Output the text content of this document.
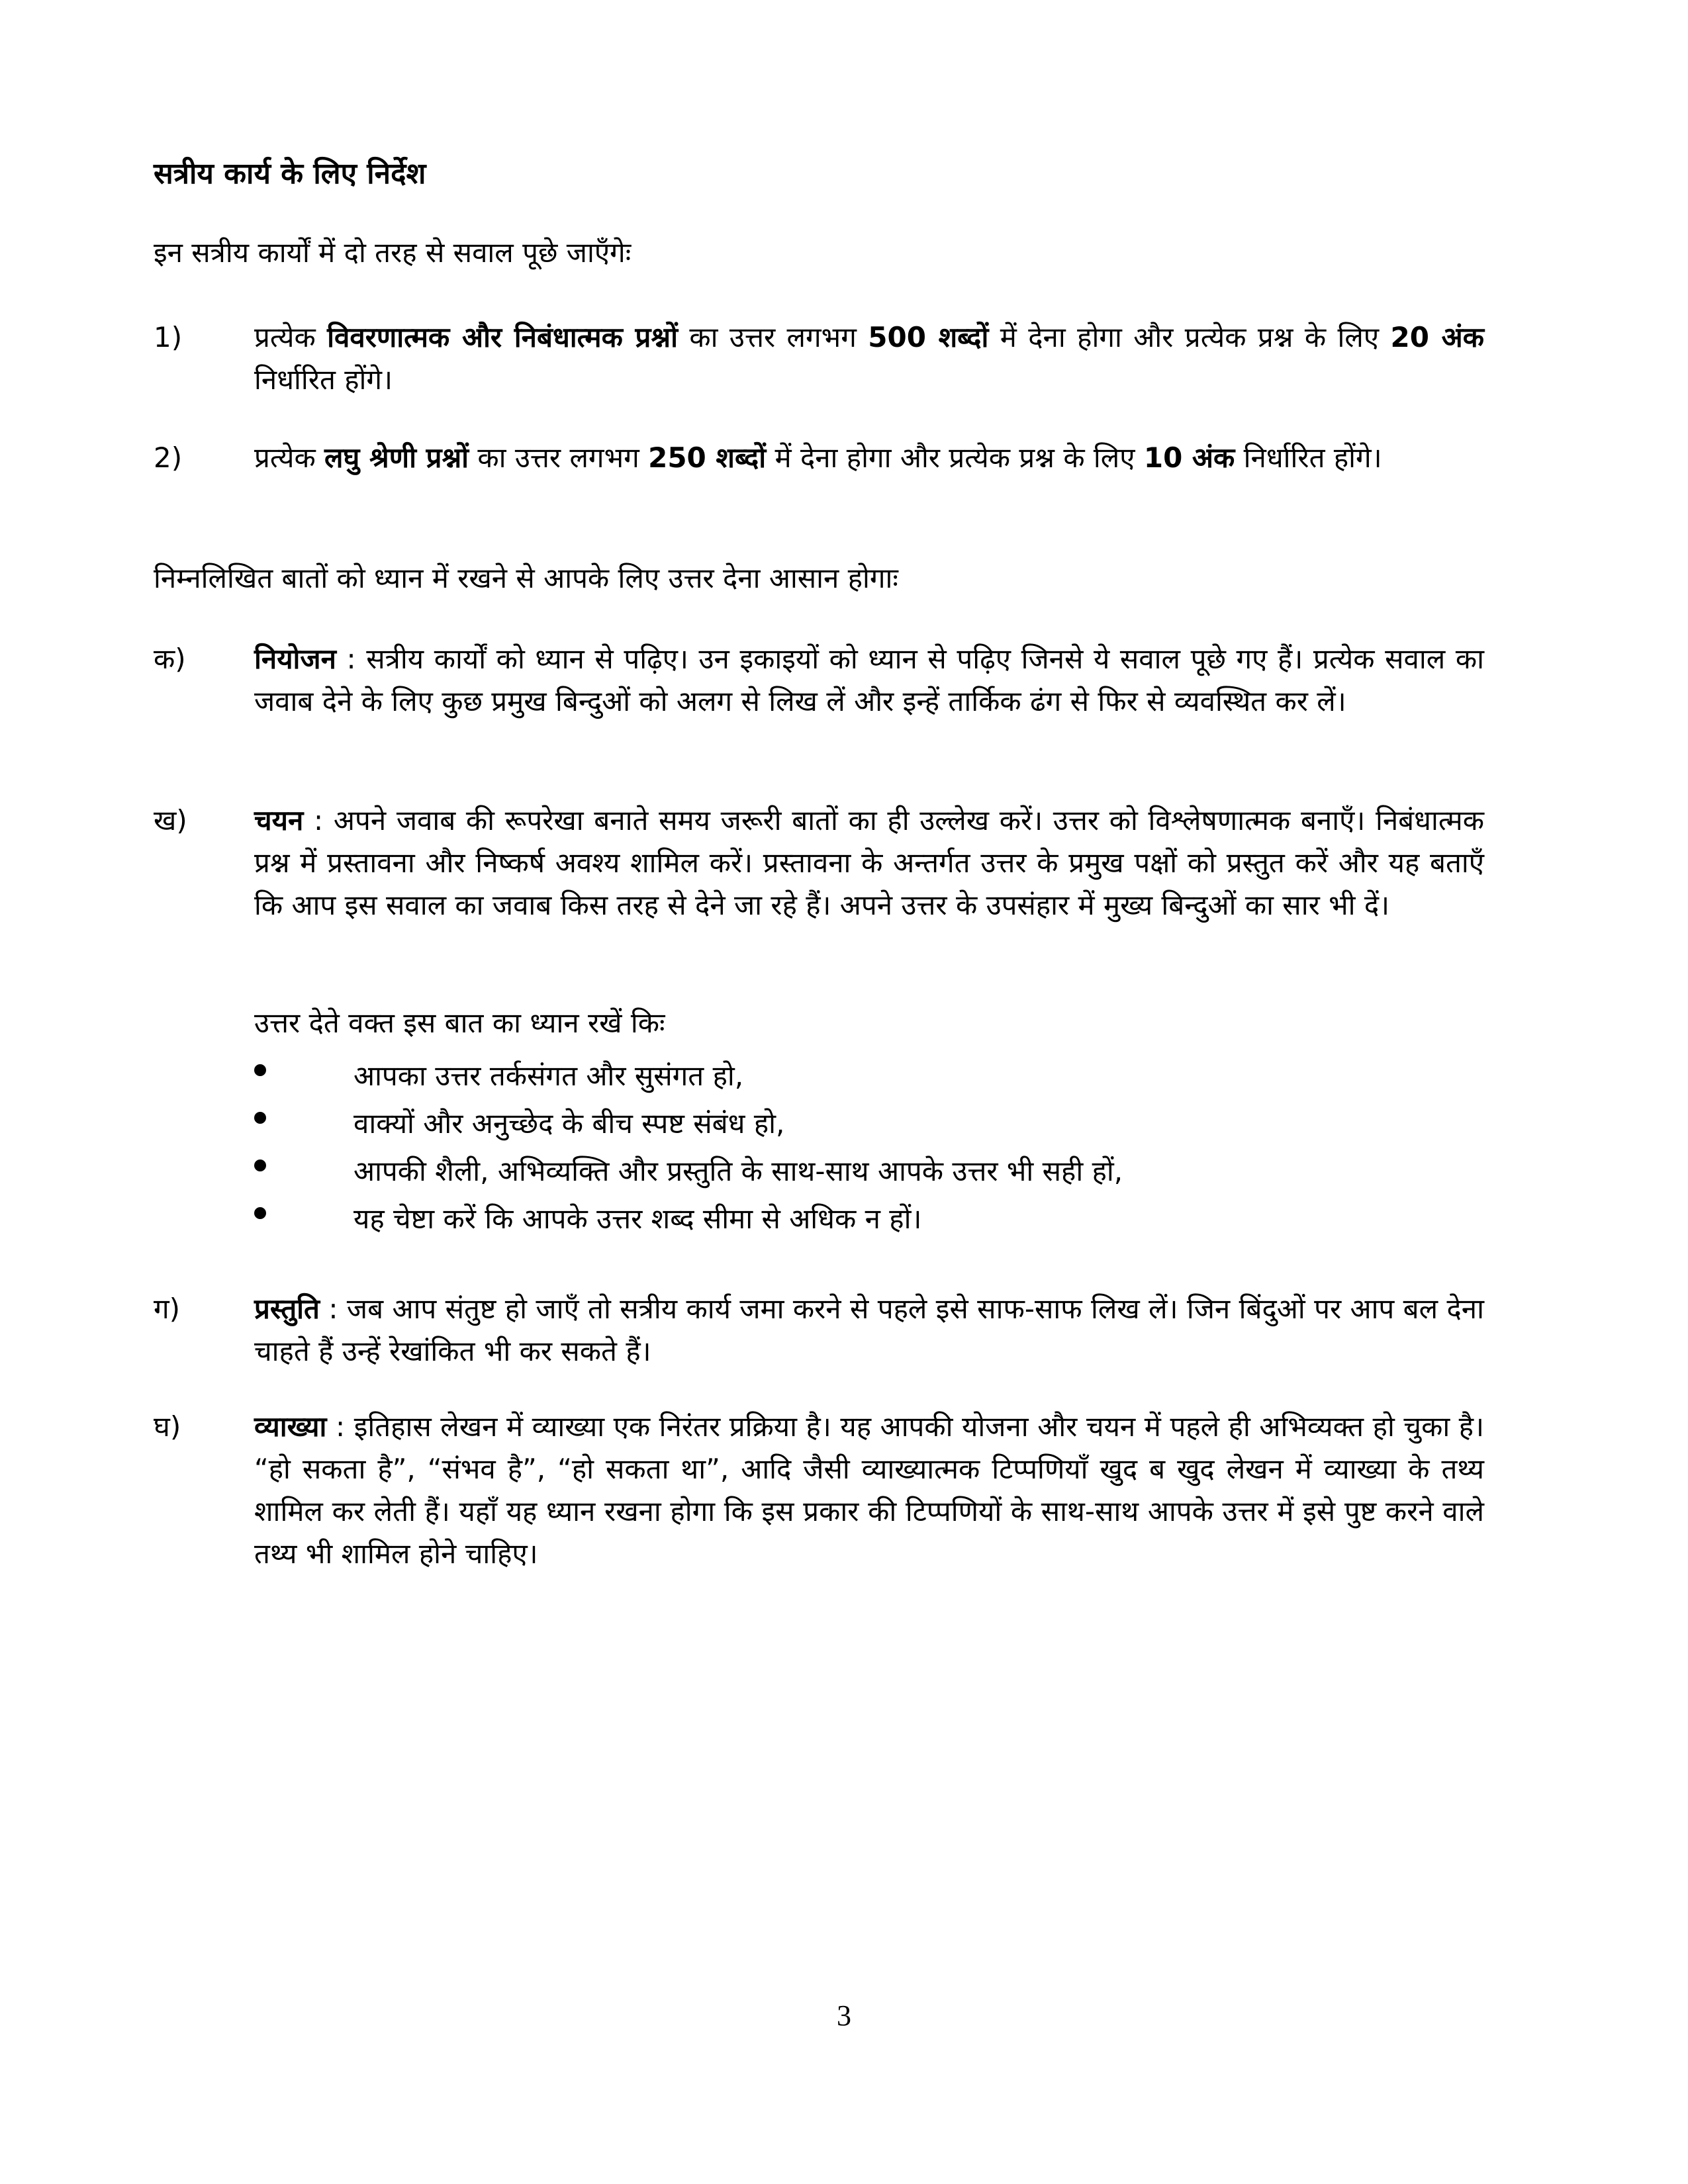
सत्रीय कार्य के लिए निर्देश
इन सत्रीय कार्यों में दो तरह से सवाल पूछे जाएँगेः
1)	प्रत्येक विवरणात्मक और निबंधात्मक प्रश्नों का उत्तर लगभग 500 शब्दों में देना होगा और प्रत्येक प्रश्न के लिए 20 अंक निर्धारित होंगे।
2)	प्रत्येक लघु श्रेणी प्रश्नों का उत्तर लगभग 250 शब्दों में देना होगा और प्रत्येक प्रश्न के लिए 10 अंक निर्धारित होंगे।
निम्नलिखित बातों को ध्यान में रखने से आपके लिए उत्तर देना आसान होगाः
क)	नियोजन : सत्रीय कार्यों को ध्यान से पढ़िए। उन इकाइयों को ध्यान से पढ़िए जिनसे ये सवाल पूछे गए हैं। प्रत्येक सवाल का जवाब देने के लिए कुछ प्रमुख बिन्दुओं को अलग से लिख लें और इन्हें तार्किक ढंग से फिर से व्यवस्थित कर लें।
ख)	चयन : अपने जवाब की रूपरेखा बनाते समय जरूरी बातों का ही उल्लेख करें। उत्तर को विश्लेषणात्मक बनाएँ। निबंधात्मक प्रश्न में प्रस्तावना और निष्कर्ष अवश्य शामिल करें। प्रस्तावना के अन्तर्गत उत्तर के प्रमुख पक्षों को प्रस्तुत करें और यह बताएँ कि आप इस सवाल का जवाब किस तरह से देने जा रहे हैं। अपने उत्तर के उपसंहार में मुख्य बिन्दुओं का सार भी दें।
उत्तर देते वक्त इस बात का ध्यान रखें किः
आपका उत्तर तर्कसंगत और सुसंगत हो,
वाक्यों और अनुच्छेद के बीच स्पष्ट संबंध हो,
आपकी शैली, अभिव्यक्ति और प्रस्तुति के साथ-साथ आपके उत्तर भी सही हों,
यह चेष्टा करें कि आपके उत्तर शब्द सीमा से अधिक न हों।
ग)	प्रस्तुति : जब आप संतुष्ट हो जाएँ तो सत्रीय कार्य जमा करने से पहले इसे साफ-साफ लिख लें। जिन बिंदुओं पर आप बल देना चाहते हैं उन्हें रेखांकित भी कर सकते हैं।
घ)	व्याख्या : इतिहास लेखन में व्याख्या एक निरंतर प्रक्रिया है। यह आपकी योजना और चयन में पहले ही अभिव्यक्त हो चुका है। “हो सकता है”, “संभव है”, “हो सकता था”, आदि जैसी व्याख्यात्मक टिप्पणियाँ खुद ब खुद लेखन में व्याख्या के तथ्य शामिल कर लेती हैं। यहाँ यह ध्यान रखना होगा कि इस प्रकार की टिप्पणियों के साथ-साथ आपके उत्तर में इसे पुष्ट करने वाले तथ्य भी शामिल होने चाहिए।
3
